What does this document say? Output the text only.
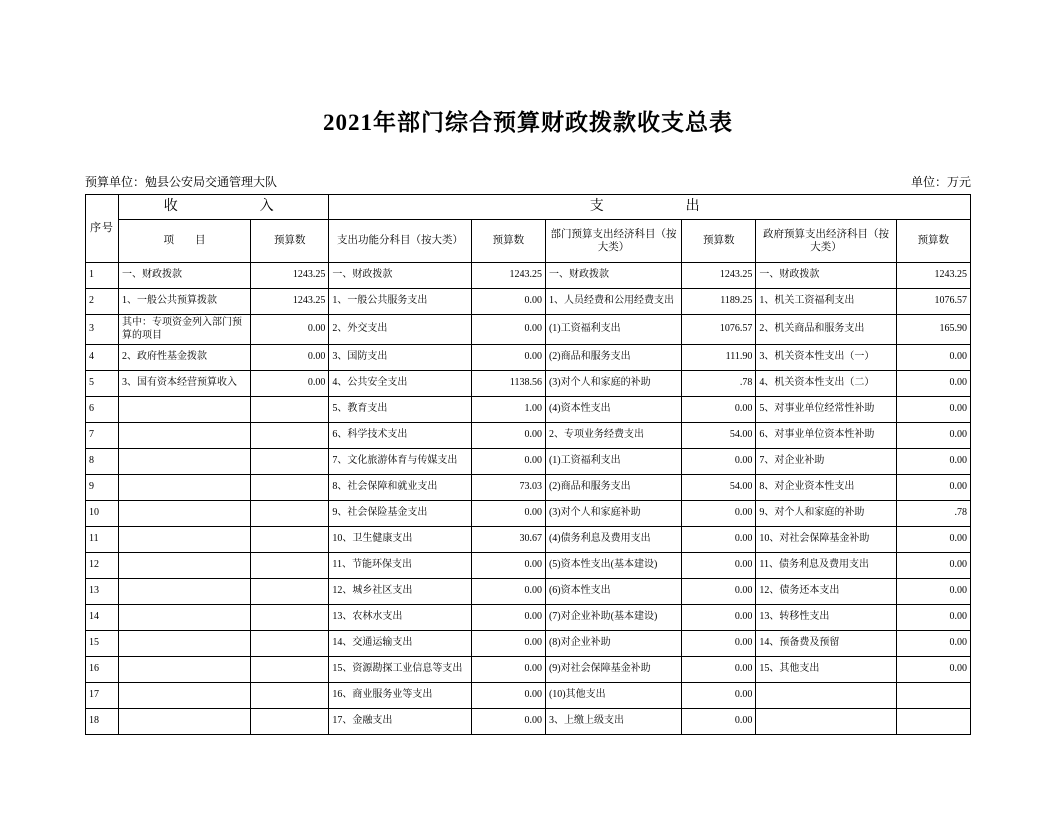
2021年部门综合预算财政拨款收支总表
预算单位：勉县公安局交通管理大队	单位：万元
序号	收　　　入		支　　　出					
	项　　目	预算数	支出功能分科目（按大类）	预算数	部门预算支出经济科目（按大类）	预算数	政府预算支出经济科目（按大类）	预算数
1	一、财政拨款	1243.25	一、财政拨款	1243.25	一、财政拨款	1243.25	一、财政拨款	1243.25
2	1、一般公共预算拨款	1243.25	1、一般公共服务支出	0.00	1、人员经费和公用经费支出	1189.25	1、机关工资福利支出	1076.57
3	其中：专项资金列入部门预算的项目	0.00	2、外交支出	0.00	(1)工资福利支出	1076.57	2、机关商品和服务支出	165.90
4	2、政府性基金拨款	0.00	3、国防支出	0.00	(2)商品和服务支出	111.90	3、机关资本性支出（一）	0.00
5	3、国有资本经营预算收入	0.00	4、公共安全支出	1138.56	(3)对个人和家庭的补助	.78	4、机关资本性支出（二）	0.00
6			5、教育支出	1.00	(4)资本性支出	0.00	5、对事业单位经常性补助	0.00
7			6、科学技术支出	0.00	2、专项业务经费支出	54.00	6、对事业单位资本性补助	0.00
8			7、文化旅游体育与传媒支出	0.00	(1)工资福利支出	0.00	7、对企业补助	0.00
9			8、社会保障和就业支出	73.03	(2)商品和服务支出	54.00	8、对企业资本性支出	0.00
10			9、社会保险基金支出	0.00	(3)对个人和家庭补助	0.00	9、对个人和家庭的补助	.78
11			10、卫生健康支出	30.67	(4)债务利息及费用支出	0.00	10、对社会保障基金补助	0.00
12			11、节能环保支出	0.00	(5)资本性支出(基本建设)	0.00	11、债务利息及费用支出	0.00
13			12、城乡社区支出	0.00	(6)资本性支出	0.00	12、债务还本支出	0.00
14			13、农林水支出	0.00	(7)对企业补助(基本建设)	0.00	13、转移性支出	0.00
15			14、交通运输支出	0.00	(8)对企业补助	0.00	14、预备费及预留	0.00
16			15、资源勘探工业信息等支出	0.00	(9)对社会保障基金补助	0.00	15、其他支出	0.00
17			16、商业服务业等支出	0.00	(10)其他支出	0.00		
18			17、金融支出	0.00	3、上缴上级支出	0.00		
